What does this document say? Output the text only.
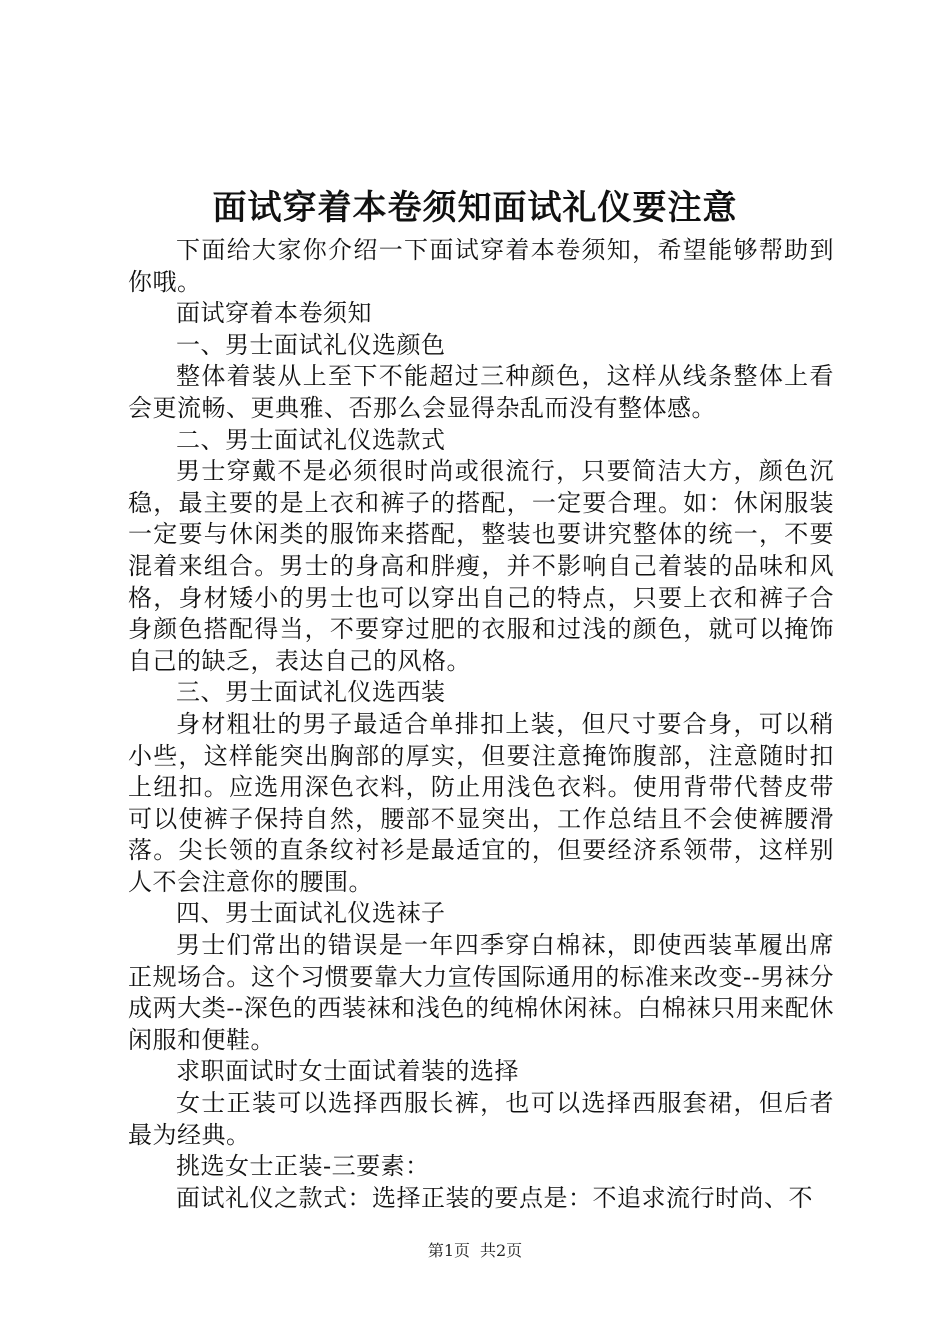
面试穿着本卷须知面试礼仪要注意

下面给大家你介绍一下面试穿着本卷须知，希望能够帮助到你哦。

面试穿着本卷须知

一、男士面试礼仪选颜色

整体着装从上至下不能超过三种颜色，这样从线条整体上看会更流畅、更典雅、否那么会显得杂乱而没有整体感。

二、男士面试礼仪选款式

男士穿戴不是必须很时尚或很流行，只要简洁大方，颜色沉稳，最主要的是上衣和裤子的搭配，一定要合理。如：休闲服装一定要与休闲类的服饰来搭配，整装也要讲究整体的统一，不要混着来组合。男士的身高和胖瘦，并不影响自己着装的品味和风格，身材矮小的男士也可以穿出自己的特点，只要上衣和裤子合身颜色搭配得当，不要穿过肥的衣服和过浅的颜色，就可以掩饰自己的缺乏，表达自己的风格。

三、男士面试礼仪选西装

身材粗壮的男子最适合单排扣上装，但尺寸要合身，可以稍小些，这样能突出胸部的厚实，但要注意掩饰腹部，注意随时扣上纽扣。应选用深色衣料，防止用浅色衣料。使用背带代替皮带可以使裤子保持自然，腰部不显突出，工作总结且不会使裤腰滑落。尖长领的直条纹衬衫是最适宜的，但要经济系领带，这样别人不会注意你的腰围。

四、男士面试礼仪选袜子

男士们常出的错误是一年四季穿白棉袜，即使西装革履出席正规场合。这个习惯要靠大力宣传国际通用的标准来改变--男袜分成两大类--深色的西装袜和浅色的纯棉休闲袜。白棉袜只用来配休闲服和便鞋。

求职面试时女士面试着装的选择

女士正装可以选择西服长裤，也可以选择西服套裙，但后者最为经典。

挑选女士正装-三要素：

面试礼仪之款式：选择正装的要点是：不追求流行时尚、不

第1页 共2页
